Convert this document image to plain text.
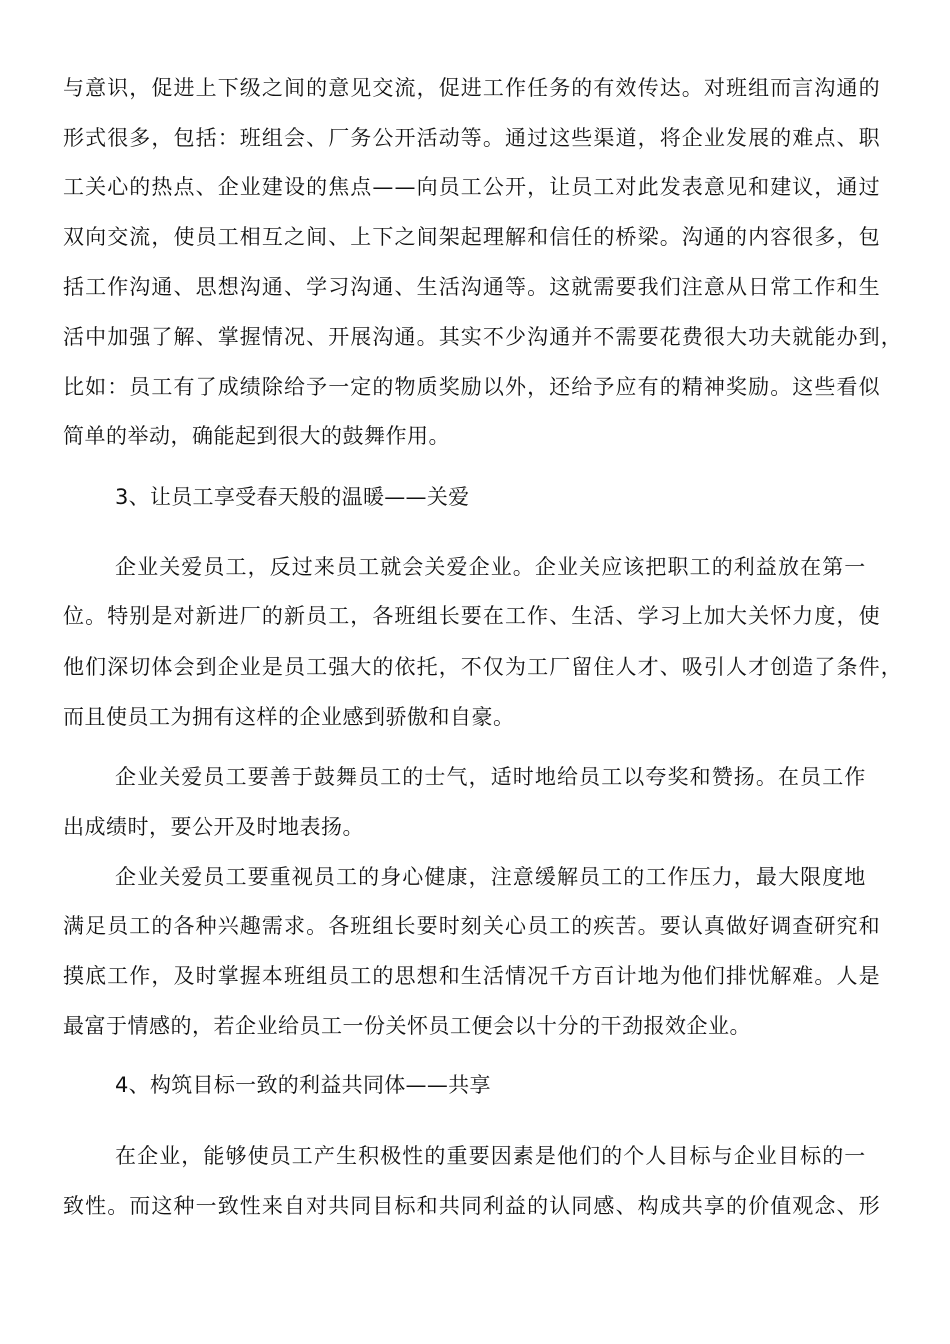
与意识，促进上下级之间的意见交流，促进工作任务的有效传达。对班组而言沟通的

形式很多，包括：班组会、厂务公开活动等。通过这些渠道，将企业发展的难点、职

工关心的热点、企业建设的焦点——向员工公开，让员工对此发表意见和建议，通过

双向交流，使员工相互之间、上下之间架起理解和信任的桥梁。沟通的内容很多，包

括工作沟通、思想沟通、学习沟通、生活沟通等。这就需要我们注意从日常工作和生

活中加强了解、掌握情况、开展沟通。其实不少沟通并不需要花费很大功夫就能办到，

比如：员工有了成绩除给予一定的物质奖励以外，还给予应有的精神奖励。这些看似

简单的举动，确能起到很大的鼓舞作用。

3、让员工享受春天般的温暖——关爱

企业关爱员工，反过来员工就会关爱企业。企业关应该把职工的利益放在第一

位。特别是对新进厂的新员工，各班组长要在工作、生活、学习上加大关怀力度，使

他们深切体会到企业是员工强大的依托，不仅为工厂留住人才、吸引人才创造了条件，

而且使员工为拥有这样的企业感到骄傲和自豪。

企业关爱员工要善于鼓舞员工的士气，适时地给员工以夸奖和赞扬。在员工作

出成绩时，要公开及时地表扬。

企业关爱员工要重视员工的身心健康，注意缓解员工的工作压力，最大限度地

满足员工的各种兴趣需求。各班组长要时刻关心员工的疾苦。要认真做好调查研究和

摸底工作，及时掌握本班组员工的思想和生活情况千方百计地为他们排忧解难。人是

最富于情感的，若企业给员工一份关怀员工便会以十分的干劲报效企业。

4、构筑目标一致的利益共同体——共享

在企业，能够使员工产生积极性的重要因素是他们的个人目标与企业目标的一

致性。而这种一致性来自对共同目标和共同利益的认同感、构成共享的价值观念、形
